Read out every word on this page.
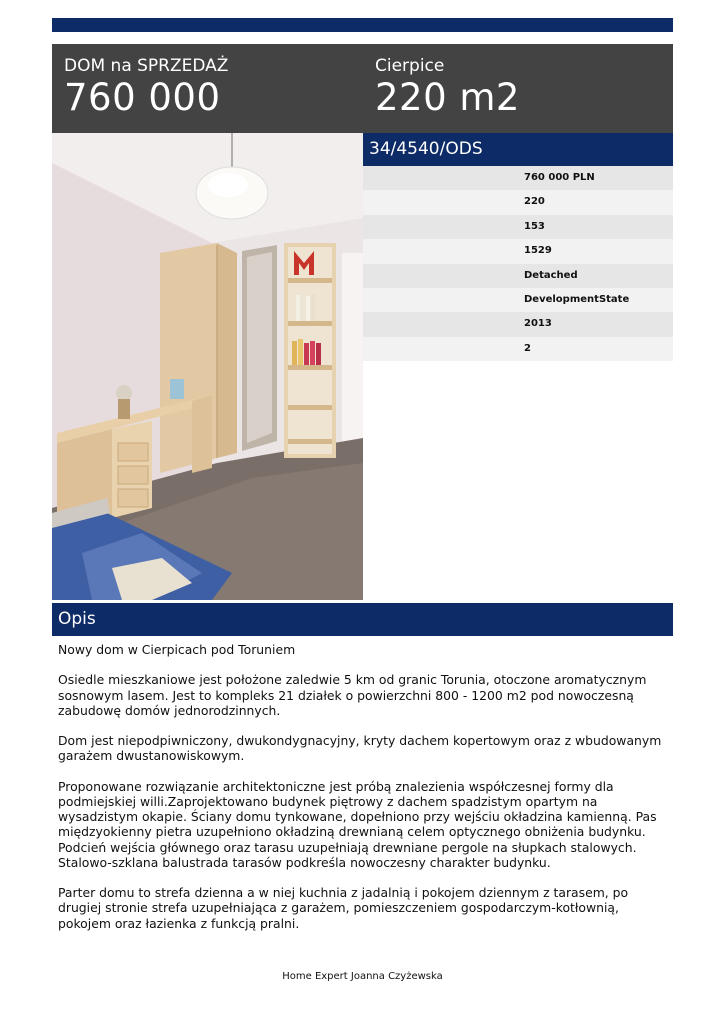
DOM na SPRZEDAŻ
760 000
Cierpice
220 m2
34/4540/ODS
760 000 PLN
220
153
1529
Detached
DevelopmentState
2013
2
Opis

Nowy dom w Cierpicach pod Toruniem

Osiedle mieszkaniowe jest położone zaledwie 5 km od granic Torunia, otoczone aromatycznym sosnowym lasem. Jest to kompleks 21 działek o powierzchni 800 - 1200 m2 pod nowoczesną zabudowę domów jednorodzinnych.

Dom jest niepodpiwniczony, dwukondygnacyjny, kryty dachem kopertowym oraz z wbudowanym garażem dwustanowiskowym.

Proponowane rozwiązanie architektoniczne jest próbą znalezienia współczesnej formy dla podmiejskiej willi.Zaprojektowano budynek piętrowy z dachem spadzistym opartym na wysadzistym okapie. Ściany domu tynkowane, dopełniono przy wejściu okładzina kamienną. Pas międzyokienny pietra uzupełniono okładziną drewnianą celem optycznego obniżenia budynku. Podcień wejścia głównego oraz tarasu uzupełniają drewniane pergole na słupkach stalowych. Stalowo-szklana balustrada tarasów podkreśla nowoczesny charakter budynku.

Parter domu to strefa dzienna a w niej kuchnia z jadalnią i pokojem dziennym z tarasem, po drugiej stronie strefa uzupełniająca z garażem, pomieszczeniem gospodarczym-kotłownią, pokojem oraz łazienka z funkcją pralni.

Home Expert Joanna Czyżewska
